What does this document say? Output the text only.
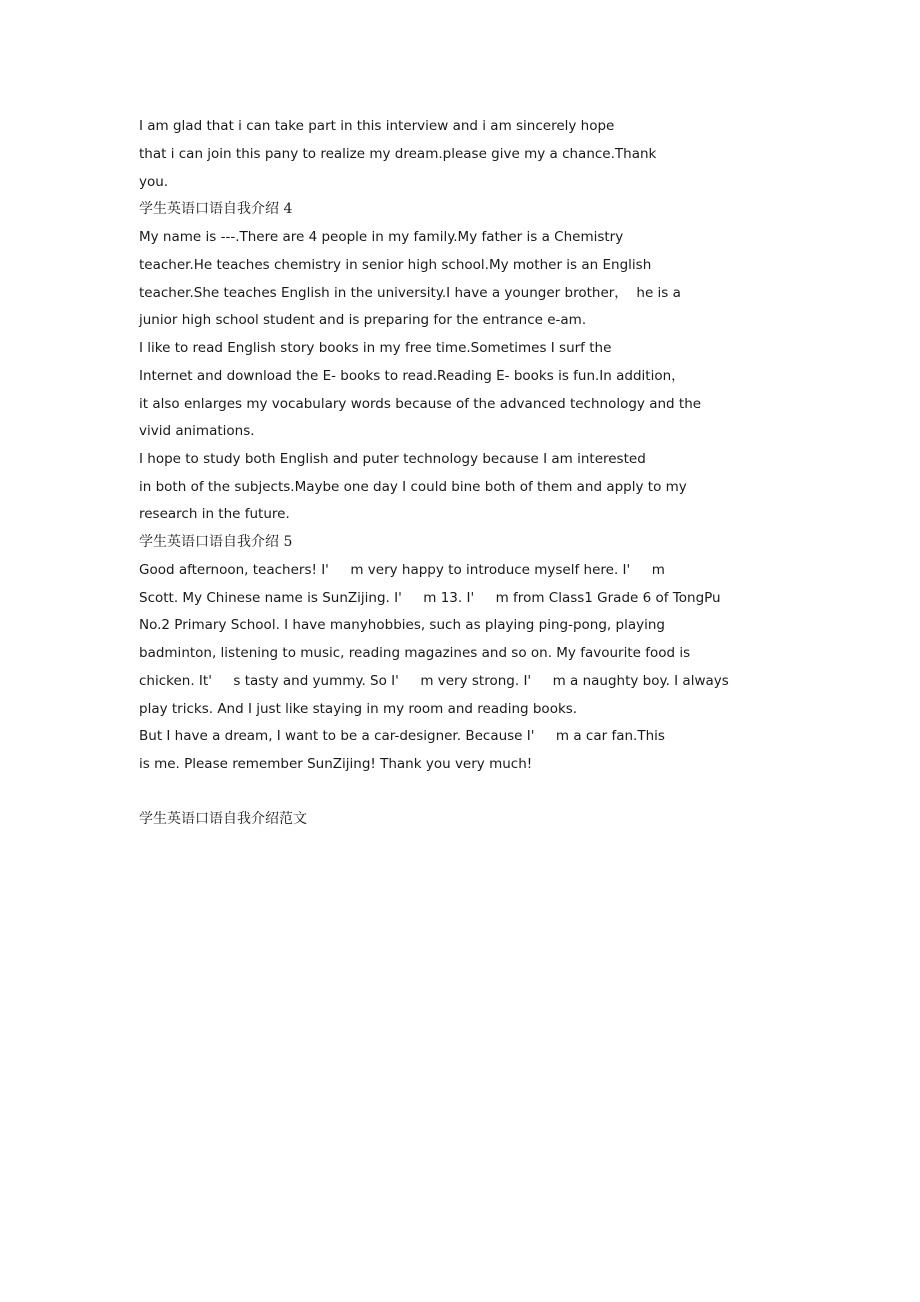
I am glad that i can take part in this interview and i am sincerely hope
that i can join this pany to realize my dream.please give my a chance.Thank
you.
学生英语口语自我介绍 4
My name is ---.There are 4 people in my family.My father is a Chemistry
teacher.He teaches chemistry in senior high school.My mother is an English
teacher.She teaches English in the university.I have a younger brother，  he is a
junior high school student and is preparing for the entrance e-am.
I like to read English story books in my free time.Sometimes I surf the
Internet and download the E- books to read.Reading E- books is fun.In addition，
it also enlarges my vocabulary words because of the advanced technology and the
vivid animations.
I hope to study both English and puter technology because I am interested
in both of the subjects.Maybe one day I could bine both of them and apply to my
research in the future.
学生英语口语自我介绍 5
Good afternoon, teachers! I'     m very happy to introduce myself here. I'     m
Scott. My Chinese name is SunZijing. I'     m 13. I'     m from Class1 Grade 6 of TongPu
No.2 Primary School. I have manyhobbies, such as playing ping-pong, playing
badminton, listening to music, reading magazines and so on. My favourite food is
chicken. It'     s tasty and yummy. So I'     m very strong. I'     m a naughty boy. I always
play tricks. And I just like staying in my room and reading books.
But I have a dream, I want to be a car-designer. Because I'     m a car fan.This
is me. Please remember SunZijing! Thank you very much!
学生英语口语自我介绍范文
